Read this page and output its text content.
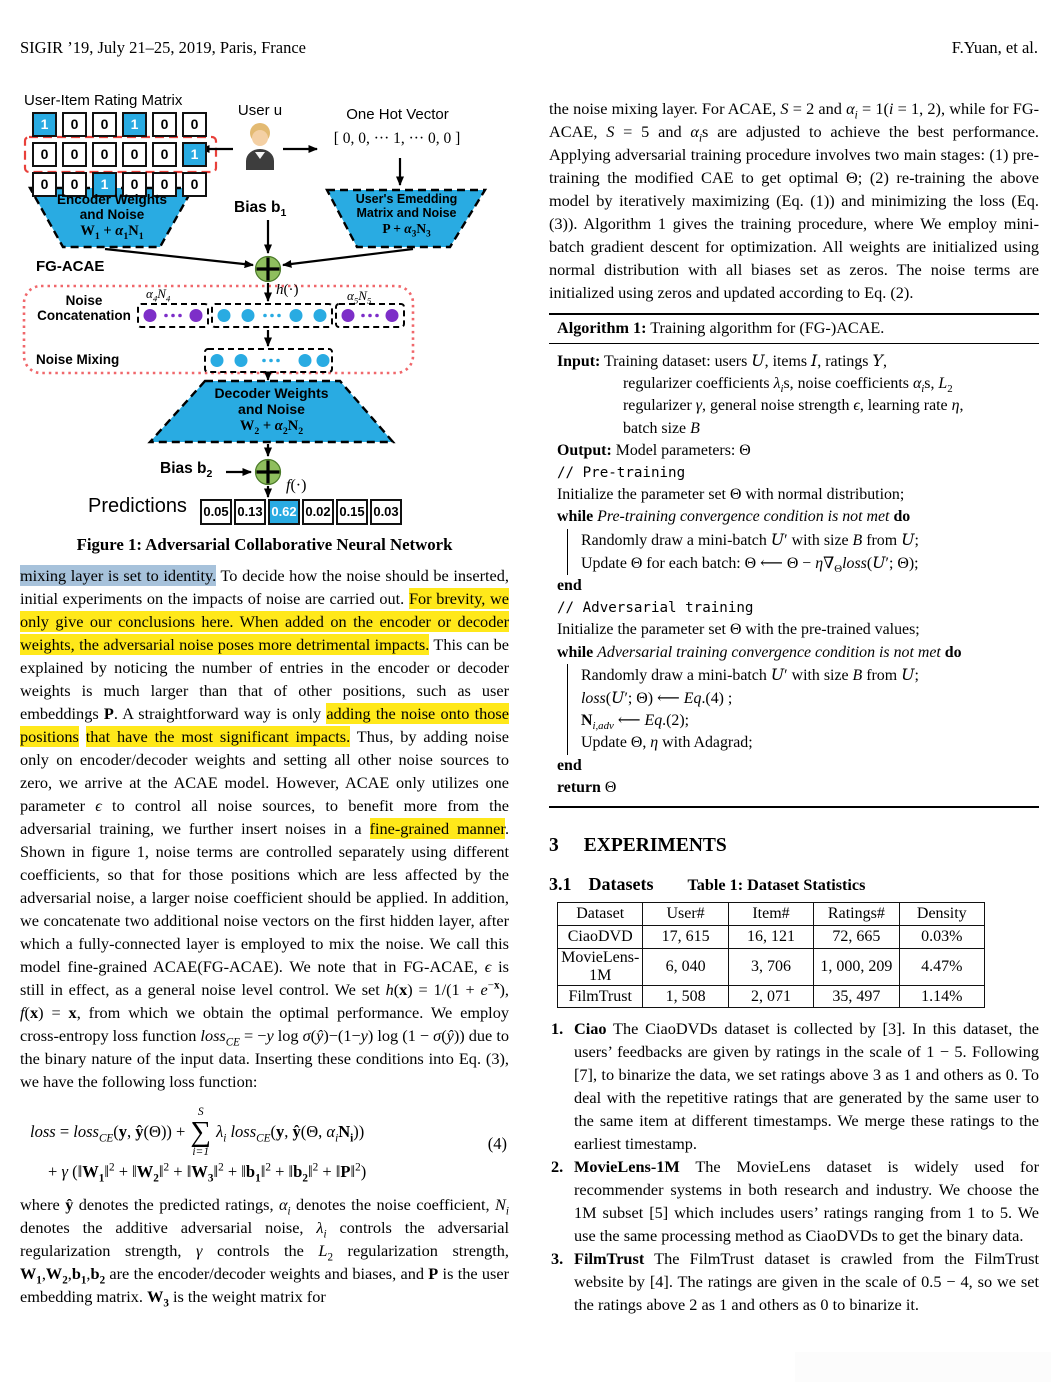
SIGIR ’19, July 21–25, 2019, Paris, France	F.Yuan, et al.
User-Item Rating Matrix
1	0	0	1	0	0
0	0	0	0	0	1
0	0	1	0	0	0
User u	One Hot Vector
[ 0, 0, ··· 1, ··· 0, 0 ]
Encoder Weights
and Noise
$W_1 + \alpha_1N_1$
Bias $b_1$
User's Emedding
Matrix and Noise
$P + \alpha_3N_3$
FG-ACAE
h(·)
$\alpha_4N_4$	$\alpha_5N_5$
Noise
Concatenation
Noise Mixing
Decoder Weights
and Noise
$W_2 + \alpha_2N_2$
Bias $b_2$
f(·)
Predictions 0.05 0.13 0.62 0.02 0.15 0.03
Figure 1: Adversarial Collaborative Neural Network
mixing layer is set to identity. To decide how the noise should be inserted, initial experiments on the impacts of noise are carried out. For brevity, we only give our conclusions here. When added on the encoder or decoder weights, the adversarial noise poses more detrimental impacts. This can be explained by noticing the number of entries in the encoder or decoder weights is much larger than that of other positions, such as user embeddings P. A straightforward way is only adding the noise onto those positions that have the most significant impacts. Thus, by adding noise only on encoder/decoder weights and setting all other noise sources to zero, we arrive at the ACAE model. However, ACAE only utilizes one parameter ϵ to control all noise sources, to benefit more from the adversarial training, we further insert noises in a fine-grained manner. Shown in figure 1, noise terms are controlled separately using different coefficients, so that for those positions which are less affected by the adversarial noise, a larger noise coefficient should be applied. In addition, we concatenate two additional noise vectors on the first hidden layer, after which a fully-connected layer is employed to mix the noise. We call this model fine-grained ACAE(FG-ACAE). We note that in FG-ACAE, ϵ is still in effect, as a general noise level control. We set $h(x) = 1/(1 + e^{-x})$, f(x) = x, from which we obtain the optimal performance. We employ cross-entropy loss function loss$_{CE}$ = −y log σ(ŷ)−(1−y) log (1 − σ(ŷ)) due to the binary nature of the input data. Inserting these conditions into Eq. (3), we have the following loss function:
loss = loss$_{CE}$(y, ŷ(Θ)) +
S
∑
i=1
$\lambda_i$ loss$_{CE}$(y, ŷ(Θ, $\alpha_iN_i$))
+ γ ($‖W_1‖^2$ + $‖W_2‖^2$ + $‖W_3‖^2$ + $‖b_1‖^2$ + $‖b_2‖^2$ + ‖P‖$^2$)
(4)
where ŷ denotes the predicted ratings, $\alpha_i$ denotes the noise coefficient, $N_i$ denotes the additive adversarial noise, $\lambda_i$ controls the adversarial regularization strength, γ controls the $L_2$ regularization strength, $W_1,W_2,b_1,b_2$ are the encoder/decoder weights and biases, and P is the user embedding matrix. $W_3$ is the weight matrix for
the noise mixing layer. For ACAE, S = 2 and $\alpha_i = 1(i = 1$, 2), while for FG-ACAE, S = 5 and $\alpha_is$ are adjusted to achieve the best performance. Applying adversarial training procedure involves two main stages: (1) pre-training the modified CAE to get optimal Θ; (2) re-training the above model by iteratively maximizing (Eq. (1)) and minimizing the loss (Eq. (3)). Algorithm 1 gives the training procedure, where We employ mini-batch gradient descent for optimization. All weights are initialized using normal distribution with all biases set as zeros. The noise terms are initialized using zeros and updated according to Eq. (2).
Algorithm 1: Training algorithm for (FG-)ACAE.
Input: Training dataset: users U, items I, ratings Y,
regularizer coefficients $\lambda_is$, noise coefficients $\alpha_is$, $L_2$
regularizer γ, general noise strength ϵ, learning rate η,
batch size B
Output: Model parameters: Θ
// Pre-training
Initialize the parameter set Θ with normal distribution;
while Pre-training convergence condition is not met do
Randomly draw a mini-batch U′ with size B from U;
Update Θ for each batch: Θ ⟵ $\Theta - \eta\nabla_\Theta loss(U'$; Θ);
end
// Adversarial training
Initialize the parameter set Θ with the pre-trained values;
while Adversarial training convergence condition is not met do
Randomly draw a mini-batch U′ with size B from U;
loss(U′; Θ) ⟵ Eq.(4) ;
$N_{i,adv}$ ⟵ Eq.(2);
Update Θ, η with Adagrad;
end
return Θ
3 EXPERIMENTS
3.1 Datasets Table 1: Dataset Statistics
Dataset	User#	Item#	Ratings#	Density
CiaoDVD	17, 615	16, 121	72, 665	0.03%
MovieLens-1M	6, 040	3, 706	1, 000, 209	4.47%
FilmTrust	1, 508	2, 071	35, 497	1.14%
1. Ciao The CiaoDVDs dataset is collected by [3]. In this dataset, the users’ feedbacks are given by ratings in the scale of 1 − 5. Following [7], to binarize the data, we set ratings above 3 as 1 and others as 0. To deal with the repetitive ratings that are generated by the same user to the same item at different timestamps. We merge these ratings to the earliest timestamp.
2. MovieLens-1M The MovieLens dataset is widely used for recommender systems in both research and industry. We choose the 1M subset [5] which includes users’ ratings ranging from 1 to 5. We use the same processing method as CiaoDVDs to get the binary data.
3. FilmTrust The FilmTrust dataset is crawled from the FilmTrust website by [4]. The ratings are given in the scale of 0.5 − 4, so we set the ratings above 2 as 1 and others as 0 to binarize it.
